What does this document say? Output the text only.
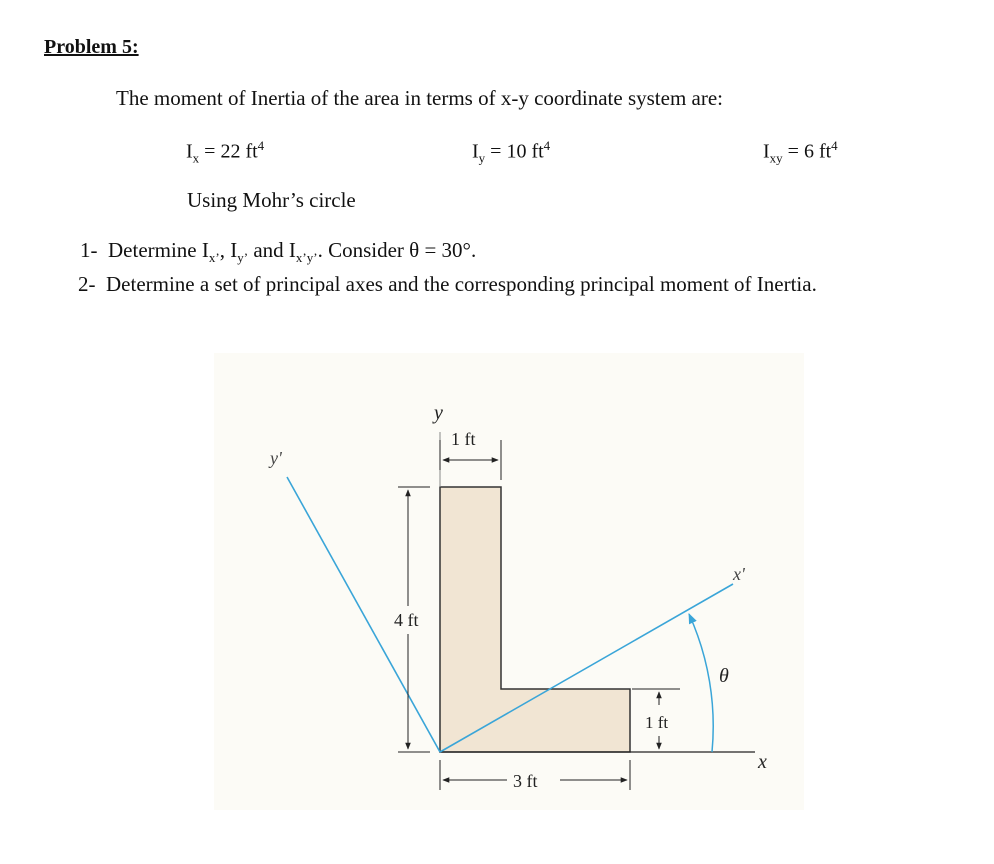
Problem 5:
The moment of Inertia of the area in terms of x-y coordinate system are:
$I_x = 22$ $ft^4$	$I_y = 10$ $ft^4$	$I_{xy} = 6$ $ft^4$
Using Mohr’s circle
1- Determine $I_{x’}$, $I_{y’}$ and $I_{x’y’}$. Consider θ = 30°.
2- Determine a set of principal axes and the corresponding principal moment of Inertia.
y
y'
x
x'
θ
1 ft
4 ft
1 ft
3 ft
